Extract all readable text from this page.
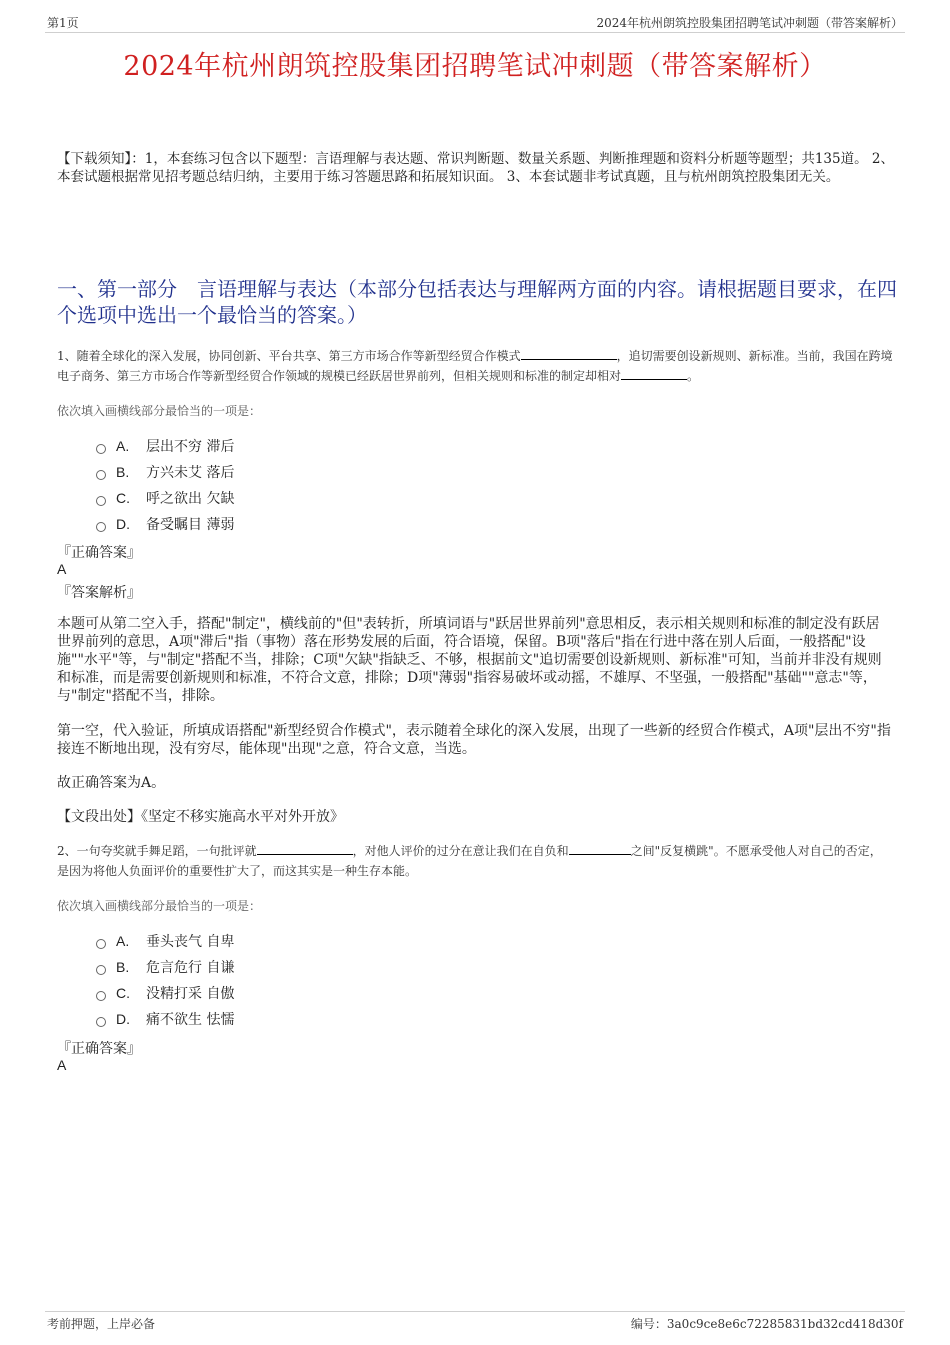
第1页	2024年杭州朗筑控股集团招聘笔试冲刺题（带答案解析）
2024年杭州朗筑控股集团招聘笔试冲刺题（带答案解析）
【下载须知】：1，本套练习包含以下题型：言语理解与表达题、常识判断题、数量关系题、判断推理题和资料分析题等题型；共135道。 2、本套试题根据常见招考题总结归纳，主要用于练习答题思路和拓展知识面。 3、本套试题非考试真题，且与杭州朗筑控股集团无关。
一、第一部分　言语理解与表达（本部分包括表达与理解两方面的内容。请根据题目要求，在四个选项中选出一个最恰当的答案。）
1、随着全球化的深入发展，协同创新、平台共享、第三方市场合作等新型经贸合作模式	，追切需要创设新规则、新标准。当前，我国在跨境电子商务、第三方市场合作等新型经贸合作领域的规模已经跃居世界前列，但相关规则和标准的制定却相对	。
依次填入画横线部分最恰当的一项是：
A.	层出不穷 滞后
B.	方兴未艾 落后
C.	呼之欲出 欠缺
D.	备受瞩目 薄弱
『正确答案』
A
『答案解析』
本题可从第二空入手，搭配"制定"，横线前的"但"表转折，所填词语与"跃居世界前列"意思相反，表示相关规则和标准的制定没有跃居世界前列的意思，A项"滞后"指（事物）落在形势发展的后面，符合语境，保留。B项"落后"指在行进中落在别人后面，一般搭配"设施""水平"等，与"制定"搭配不当，排除；C项"欠缺"指缺乏、不够，根据前文"追切需要创设新规则、新标准"可知，当前并非没有规则和标准，而是需要创新规则和标准，不符合文意，排除；D项"薄弱"指容易破坏或动摇，不雄厚、不坚强，一般搭配"基础""意志"等，与"制定"搭配不当，排除。
第一空，代入验证，所填成语搭配"新型经贸合作模式"，表示随着全球化的深入发展，出现了一些新的经贸合作模式，A项"层出不穷"指接连不断地出现，没有穷尽，能体现"出现"之意，符合文意，当选。
故正确答案为A。
【文段出处】《坚定不移实施高水平对外开放》
2、一句夸奖就手舞足蹈，一句批评就	，对他人评价的过分在意让我们在自负和	之间"反复横跳"。不愿承受他人对自己的否定，是因为将他人负面评价的重要性扩大了，而这其实是一种生存本能。
依次填入画横线部分最恰当的一项是：
A.	垂头丧气 自卑
B.	危言危行 自谦
C.	没精打采 自傲
D.	痛不欲生 怯懦
『正确答案』
A
考前押题，上岸必备	编号：3a0c9ce8e6c72285831bd32cd418d30f
